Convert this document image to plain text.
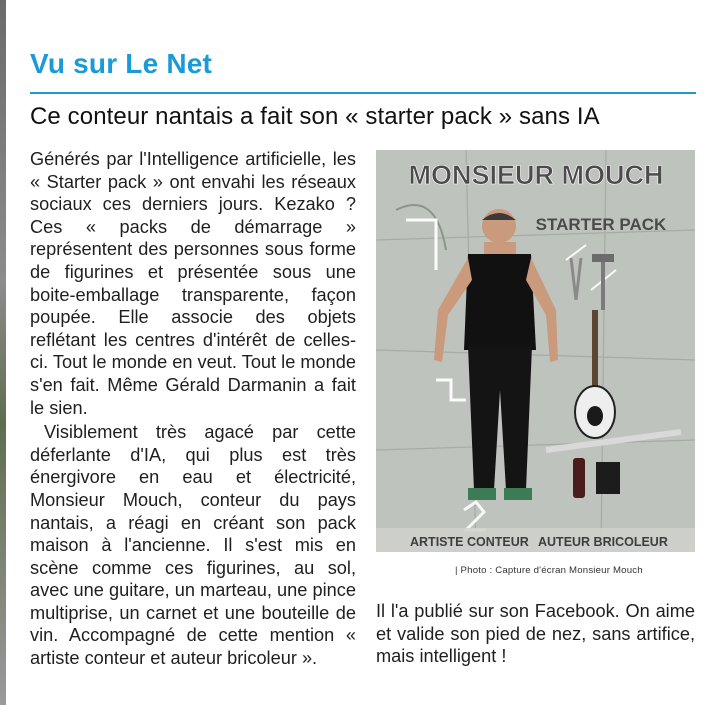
Vu sur Le Net
Ce conteur nantais a fait son « starter pack » sans IA

Générés par l'Intelligence artificielle, les « Starter pack » ont envahi les réseaux sociaux ces derniers jours. Kezako ? Ces « packs de démarrage » représentent des personnes sous forme de figurines et présentée sous une boite-emballage transparente, façon poupée. Elle associe des objets reflétant les centres d'intérêt de celles-ci. Tout le monde en veut. Tout le monde s'en fait. Même Gérald Darmanin a fait le sien.

Visiblement très agacé par cette déferlante d'IA, qui plus est très énergivore en eau et électricité, Monsieur Mouch, conteur du pays nantais, a réagi en créant son pack maison à l'ancienne. Il s'est mis en scène comme ces figurines, au sol, avec une guitare, un marteau, une pince multiprise, un carnet et une bouteille de vin. Accompagné de cette mention « artiste conteur et auteur bricoleur ».

MONSIEUR MOUCH
STARTER PACK
ARTISTE CONTEUR AUTEUR BRICOLEUR
| Photo : Capture d'écran Monsieur Mouch

Il l'a publié sur son Facebook. On aime et valide son pied de nez, sans artifice, mais intelligent !
